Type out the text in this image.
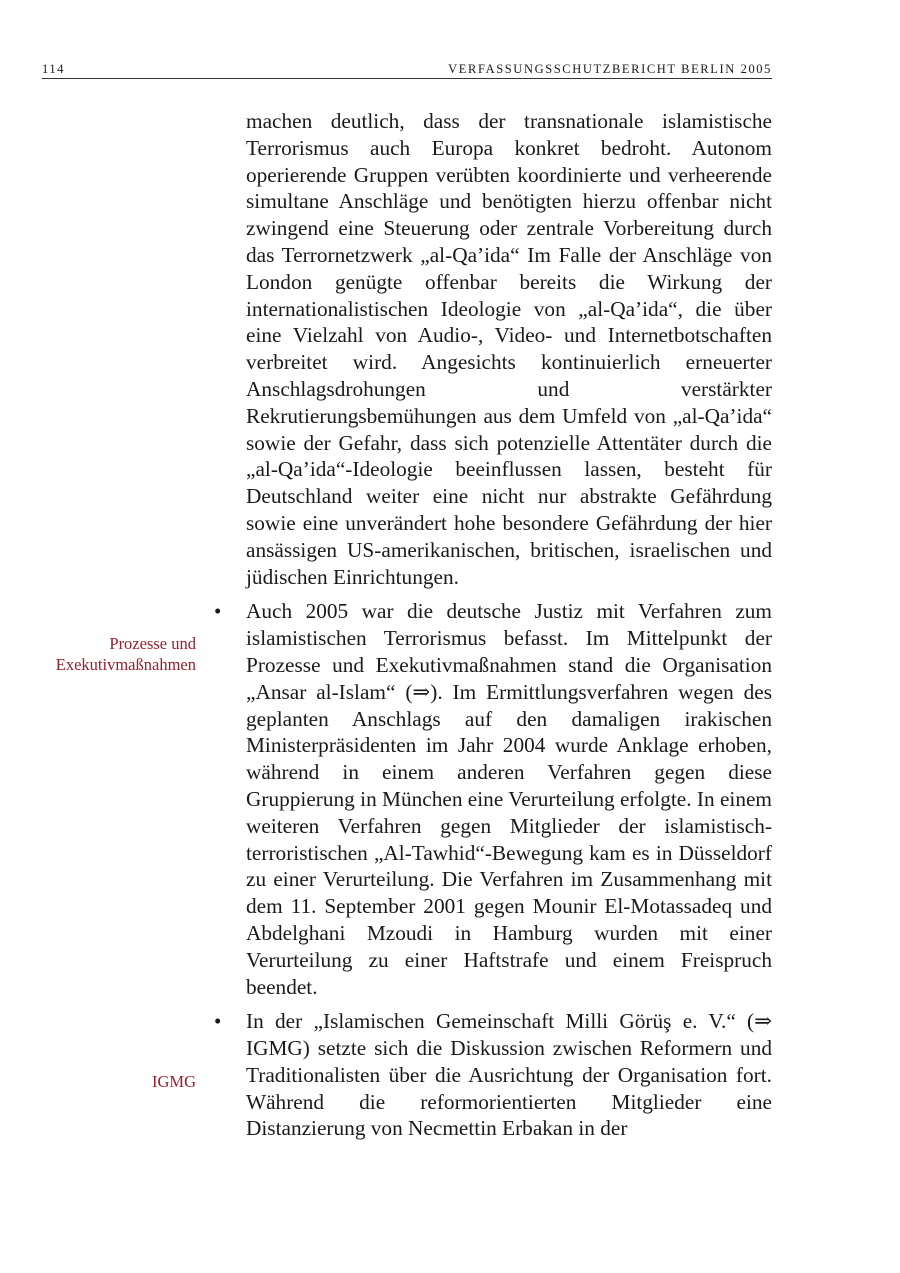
114	VERFASSUNGSSCHUTZBERICHT BERLIN 2005
Prozesse und
Exekutivmaßnahmen
IGMG

machen deutlich, dass der transnationale islamistische Terrorismus auch Europa konkret bedroht. Autonom operierende Gruppen verübten koordinierte und verheerende simultane Anschläge und benötigten hierzu offenbar nicht zwingend eine Steuerung oder zentrale Vorbereitung durch das Terrornetzwerk „al-Qa’ida“ Im Falle der Anschläge von London genügte offenbar bereits die Wirkung der internationalistischen Ideologie von „al-Qa’ida“, die über eine Vielzahl von Audio-, Video- und Internetbotschaften verbreitet wird. Angesichts kontinuierlich erneuerter Anschlagsdrohungen und verstärkter Rekrutierungsbemühungen aus dem Umfeld von „al-Qa’ida“ sowie der Gefahr, dass sich potenzielle Attentäter durch die „al-Qa’ida“-Ideologie beeinflussen lassen, besteht für Deutschland weiter eine nicht nur abstrakte Gefährdung sowie eine unverändert hohe besondere Gefährdung der hier ansässigen US-amerikanischen, britischen, israelischen und jüdischen Einrichtungen.

• Auch 2005 war die deutsche Justiz mit Verfahren zum islamistischen Terrorismus befasst. Im Mittelpunkt der Prozesse und Exekutivmaßnahmen stand die Organisation „Ansar al-Islam“ (⇒). Im Ermittlungsverfahren wegen des geplanten Anschlags auf den damaligen irakischen Ministerpräsidenten im Jahr 2004 wurde Anklage erhoben, während in einem anderen Verfahren gegen diese Gruppierung in München eine Verurteilung erfolgte. In einem weiteren Verfahren gegen Mitglieder der islamistisch-terroristischen „Al-Tawhid“-Bewegung kam es in Düsseldorf zu einer Verurteilung. Die Verfahren im Zusammenhang mit dem 11. September 2001 gegen Mounir El-Motassadeq und Abdelghani Mzoudi in Hamburg wurden mit einer Verurteilung zu einer Haftstrafe und einem Freispruch beendet.

• In der „Islamischen Gemeinschaft Milli Görüş e. V.“ (⇒ IGMG) setzte sich die Diskussion zwischen Reformern und Traditionalisten über die Ausrichtung der Organisation fort. Während die reformorientierten Mitglieder eine Distanzierung von Necmettin Erbakan in der
